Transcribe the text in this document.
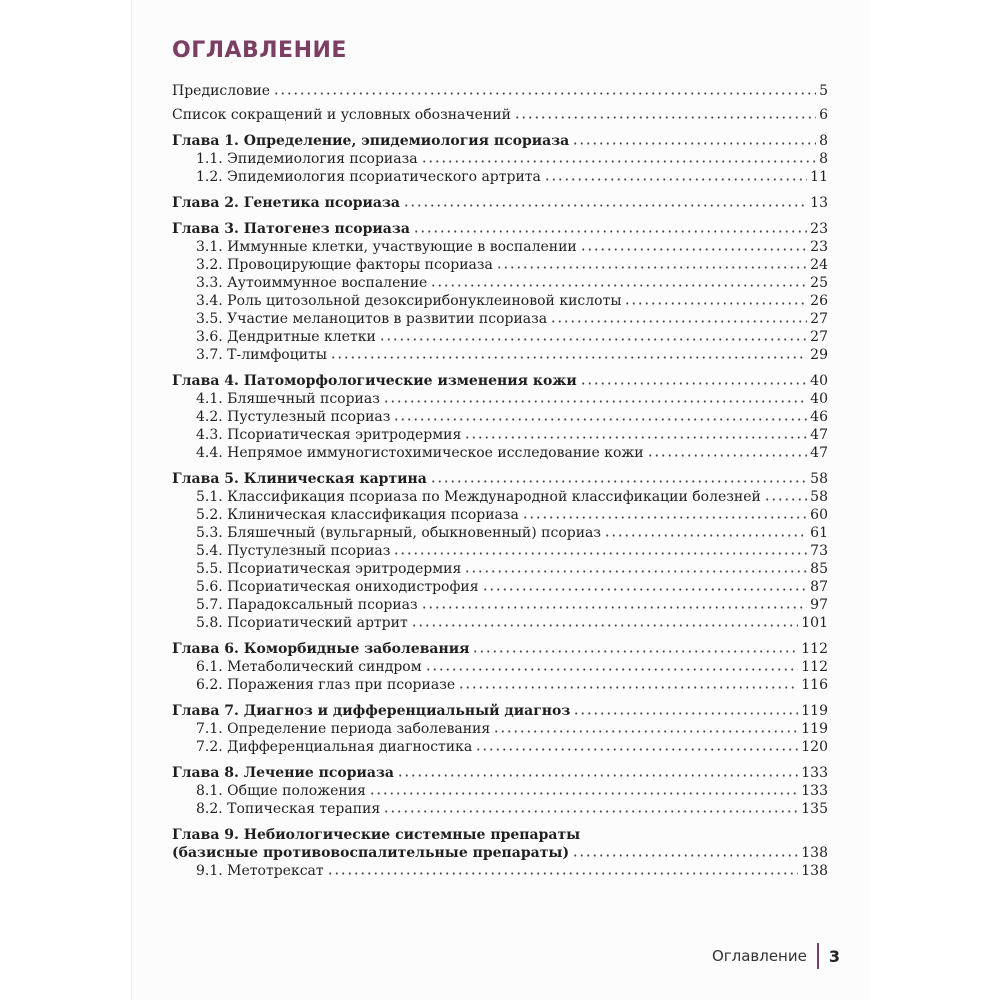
ОГЛАВЛЕНИЕ
Предисловие	5
Список сокращений и условных обозначений	6
Глава 1. Определение, эпидемиология псориаза	8
1.1. Эпидемиология псориаза	8
1.2. Эпидемиология псориатического артрита	11
Глава 2. Генетика псориаза	13
Глава 3. Патогенез псориаза	23
3.1. Иммунные клетки, участвующие в воспалении	23
3.2. Провоцирующие факторы псориаза	24
3.3. Аутоиммунное воспаление	25
3.4. Роль цитозольной дезоксирибонуклеиновой кислоты	26
3.5. Участие меланоцитов в развитии псориаза	27
3.6. Дендритные клетки	27
3.7. Т-лимфоциты	29
Глава 4. Патоморфологические изменения кожи	40
4.1. Бляшечный псориаз	40
4.2. Пустулезный псориаз	46
4.3. Псориатическая эритродермия	47
4.4. Непрямое иммуногистохимическое исследование кожи	47
Глава 5. Клиническая картина	58
5.1. Классификация псориаза по Международной классификации болезней	58
5.2. Клиническая классификация псориаза	60
5.3. Бляшечный (вульгарный, обыкновенный) псориаз	61
5.4. Пустулезный псориаз	73
5.5. Псориатическая эритродермия	85
5.6. Псориатическая ониходистрофия	87
5.7. Парадоксальный псориаз	97
5.8. Псориатический артрит	101
Глава 6. Коморбидные заболевания	112
6.1. Метаболический синдром	112
6.2. Поражения глаз при псориазе	116
Глава 7. Диагноз и дифференциальный диагноз	119
7.1. Определение периода заболевания	119
7.2. Дифференциальная диагностика	120
Глава 8. Лечение псориаза	133
8.1. Общие положения	133
8.2. Топическая терапия	135
Глава 9. Небиологические системные препараты
(базисные противовоспалительные препараты)	138
9.1. Метотрексат	138
Оглавление 3
